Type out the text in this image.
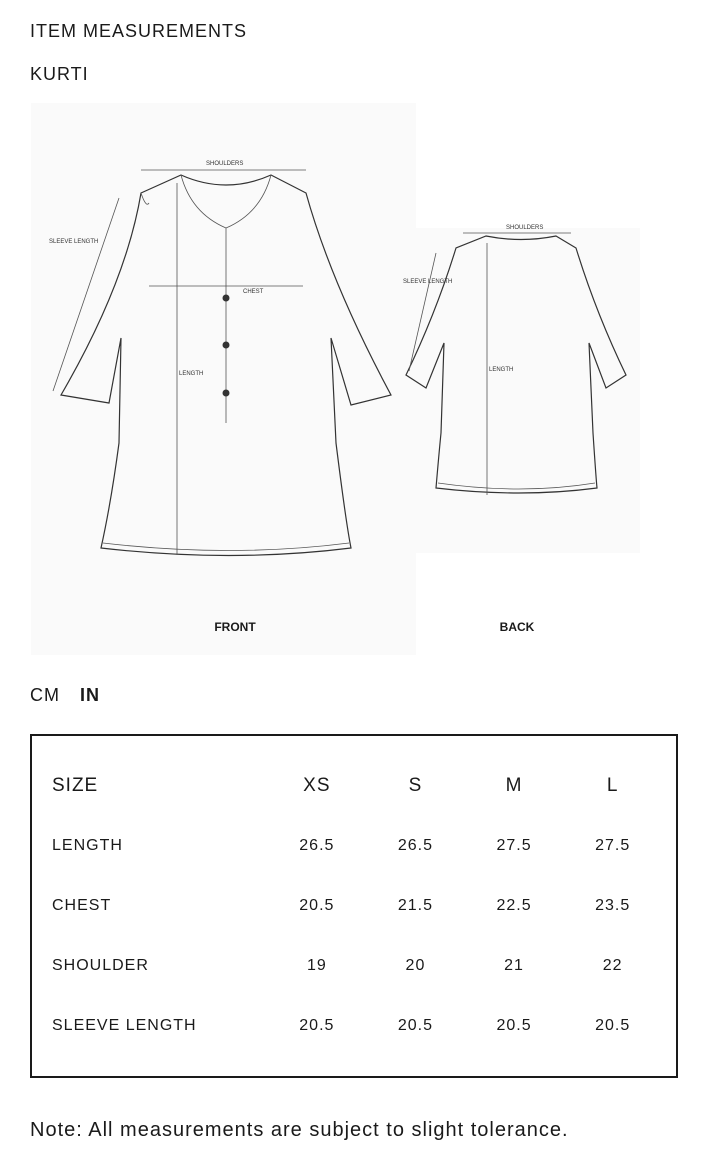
ITEM MEASUREMENTS
KURTI
SHOULDERS
SLEEVE LENGTH
CHEST
LENGTH
SHOULDERS
SLEEVE LENGTH
LENGTH
FRONT	BACK
CM IN
SIZE	XS	S	M	L
LENGTH	26.5	26.5	27.5	27.5
CHEST	20.5	21.5	22.5	23.5
SHOULDER	19	20	21	22
SLEEVE LENGTH	20.5	20.5	20.5	20.5
Note: All measurements are subject to slight tolerance.
